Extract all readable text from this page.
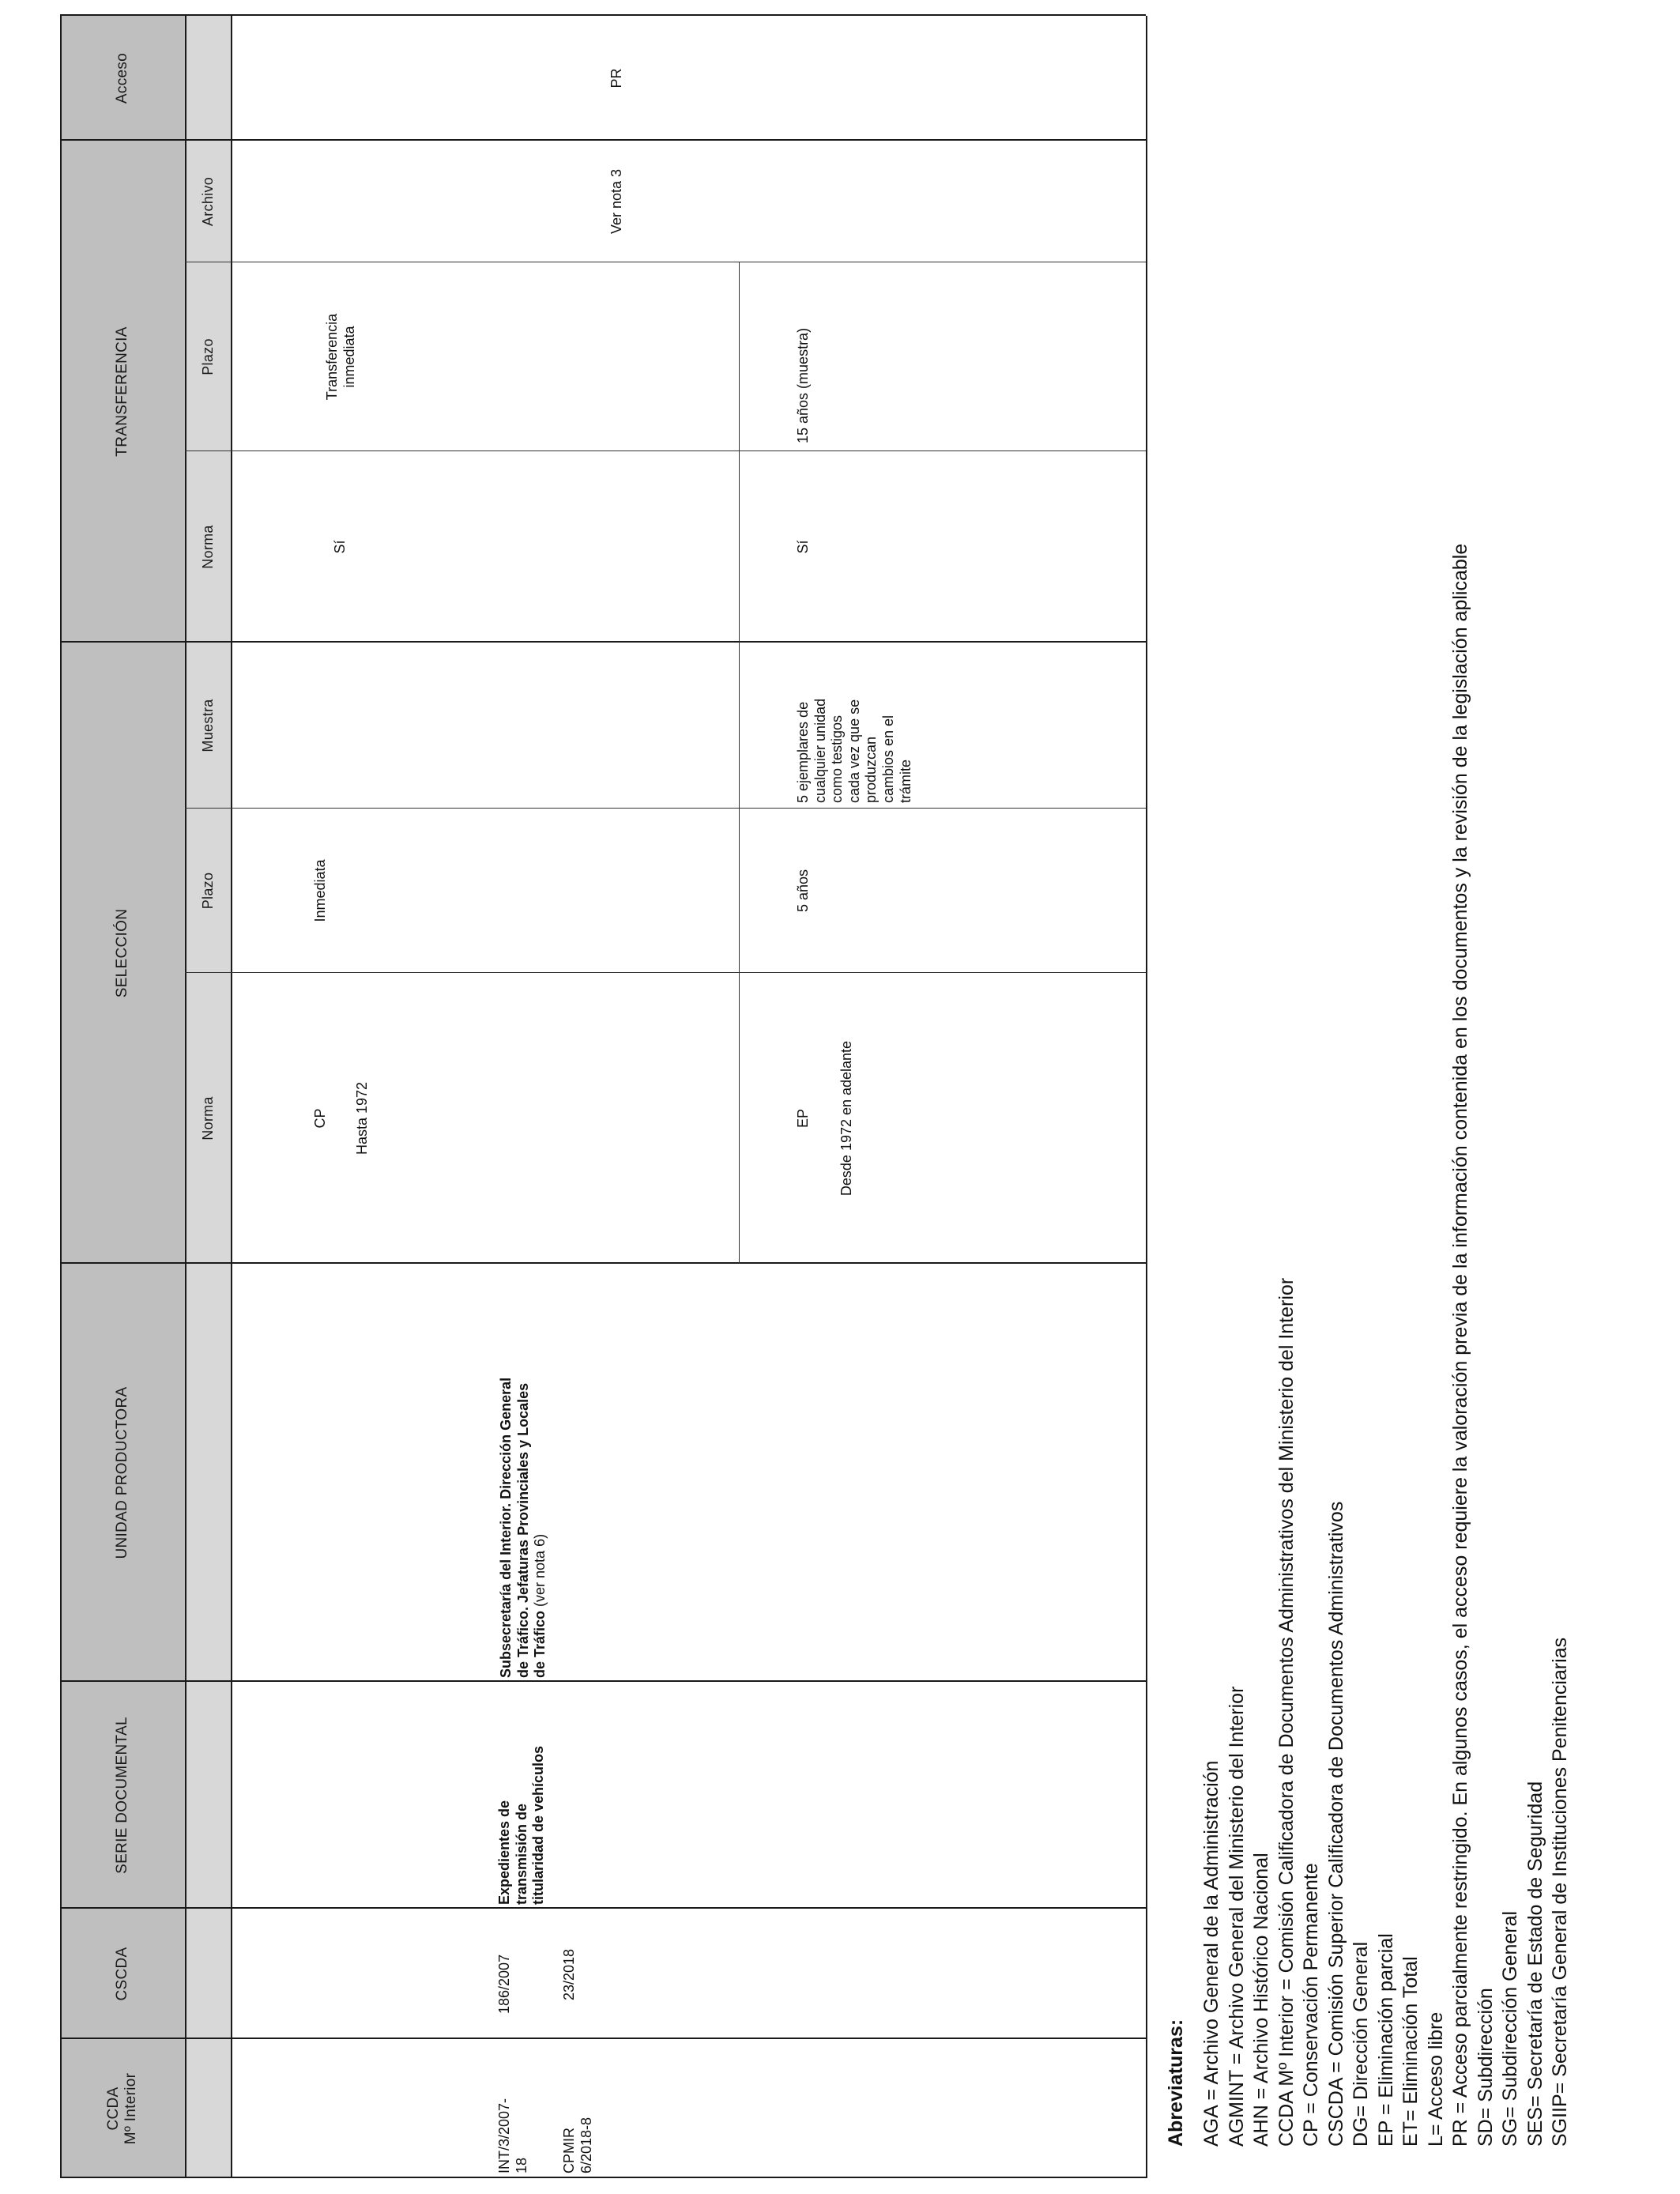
CCDA
Mº Interior
CSCDA
SERIE DOCUMENTAL
UNIDAD PRODUCTORA
SELECCIÓN
TRANSFERENCIA
Acceso
Norma
Plazo
Muestra
Norma
Plazo
Archivo
INT/3/2007-
18 CPMIR
6/2018-8
186/2007	23/2018
Expedientes de
transmisión de
titularidad de vehículos
Subsecretaría del Interior. Dirección General
de Tráfico. Jefaturas Provinciales y Locales
de Tráfico (ver nota 6)
CP Hasta 1972
Inmediata
EP Desde 1972 en adelante
5 años
5 ejemplares de
cualquier unidad
como testigos
cada vez que se
produzcan
cambios en el
trámite
Sí
Transferencia
inmediata
Sí
15 años (muestra)
Ver nota 3
PR
Abreviaturas: AGA = Archivo General de la Administración AGMINT = Archivo General del Ministerio del Interior AHN = Archivo Histórico Nacional CCDA Mº Interior = Comisión Calificadora de Documentos Administrativos del Ministerio del Interior CP = Conservación Permanente CSCDA = Comisión Superior Calificadora de Documentos Administrativos DG= Dirección General EP = Eliminación parcial ET= Eliminación Total L= Acceso libre PR = Acceso parcialmente restringido. En algunos casos, el acceso requiere la valoración previa de la información contenida en los documentos y la revisión de la legislación aplicable SD= Subdirección SG= Subdirección General SES= Secretaría de Estado de Seguridad SGIIP= Secretaría General de Instituciones Penitenciarias
